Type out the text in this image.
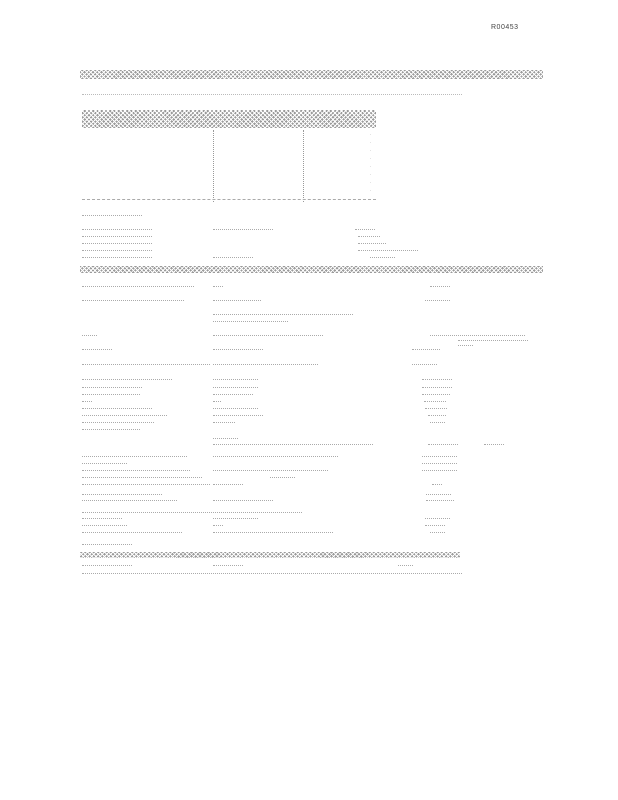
R00453
·
·
·
·
·
·
·
·
